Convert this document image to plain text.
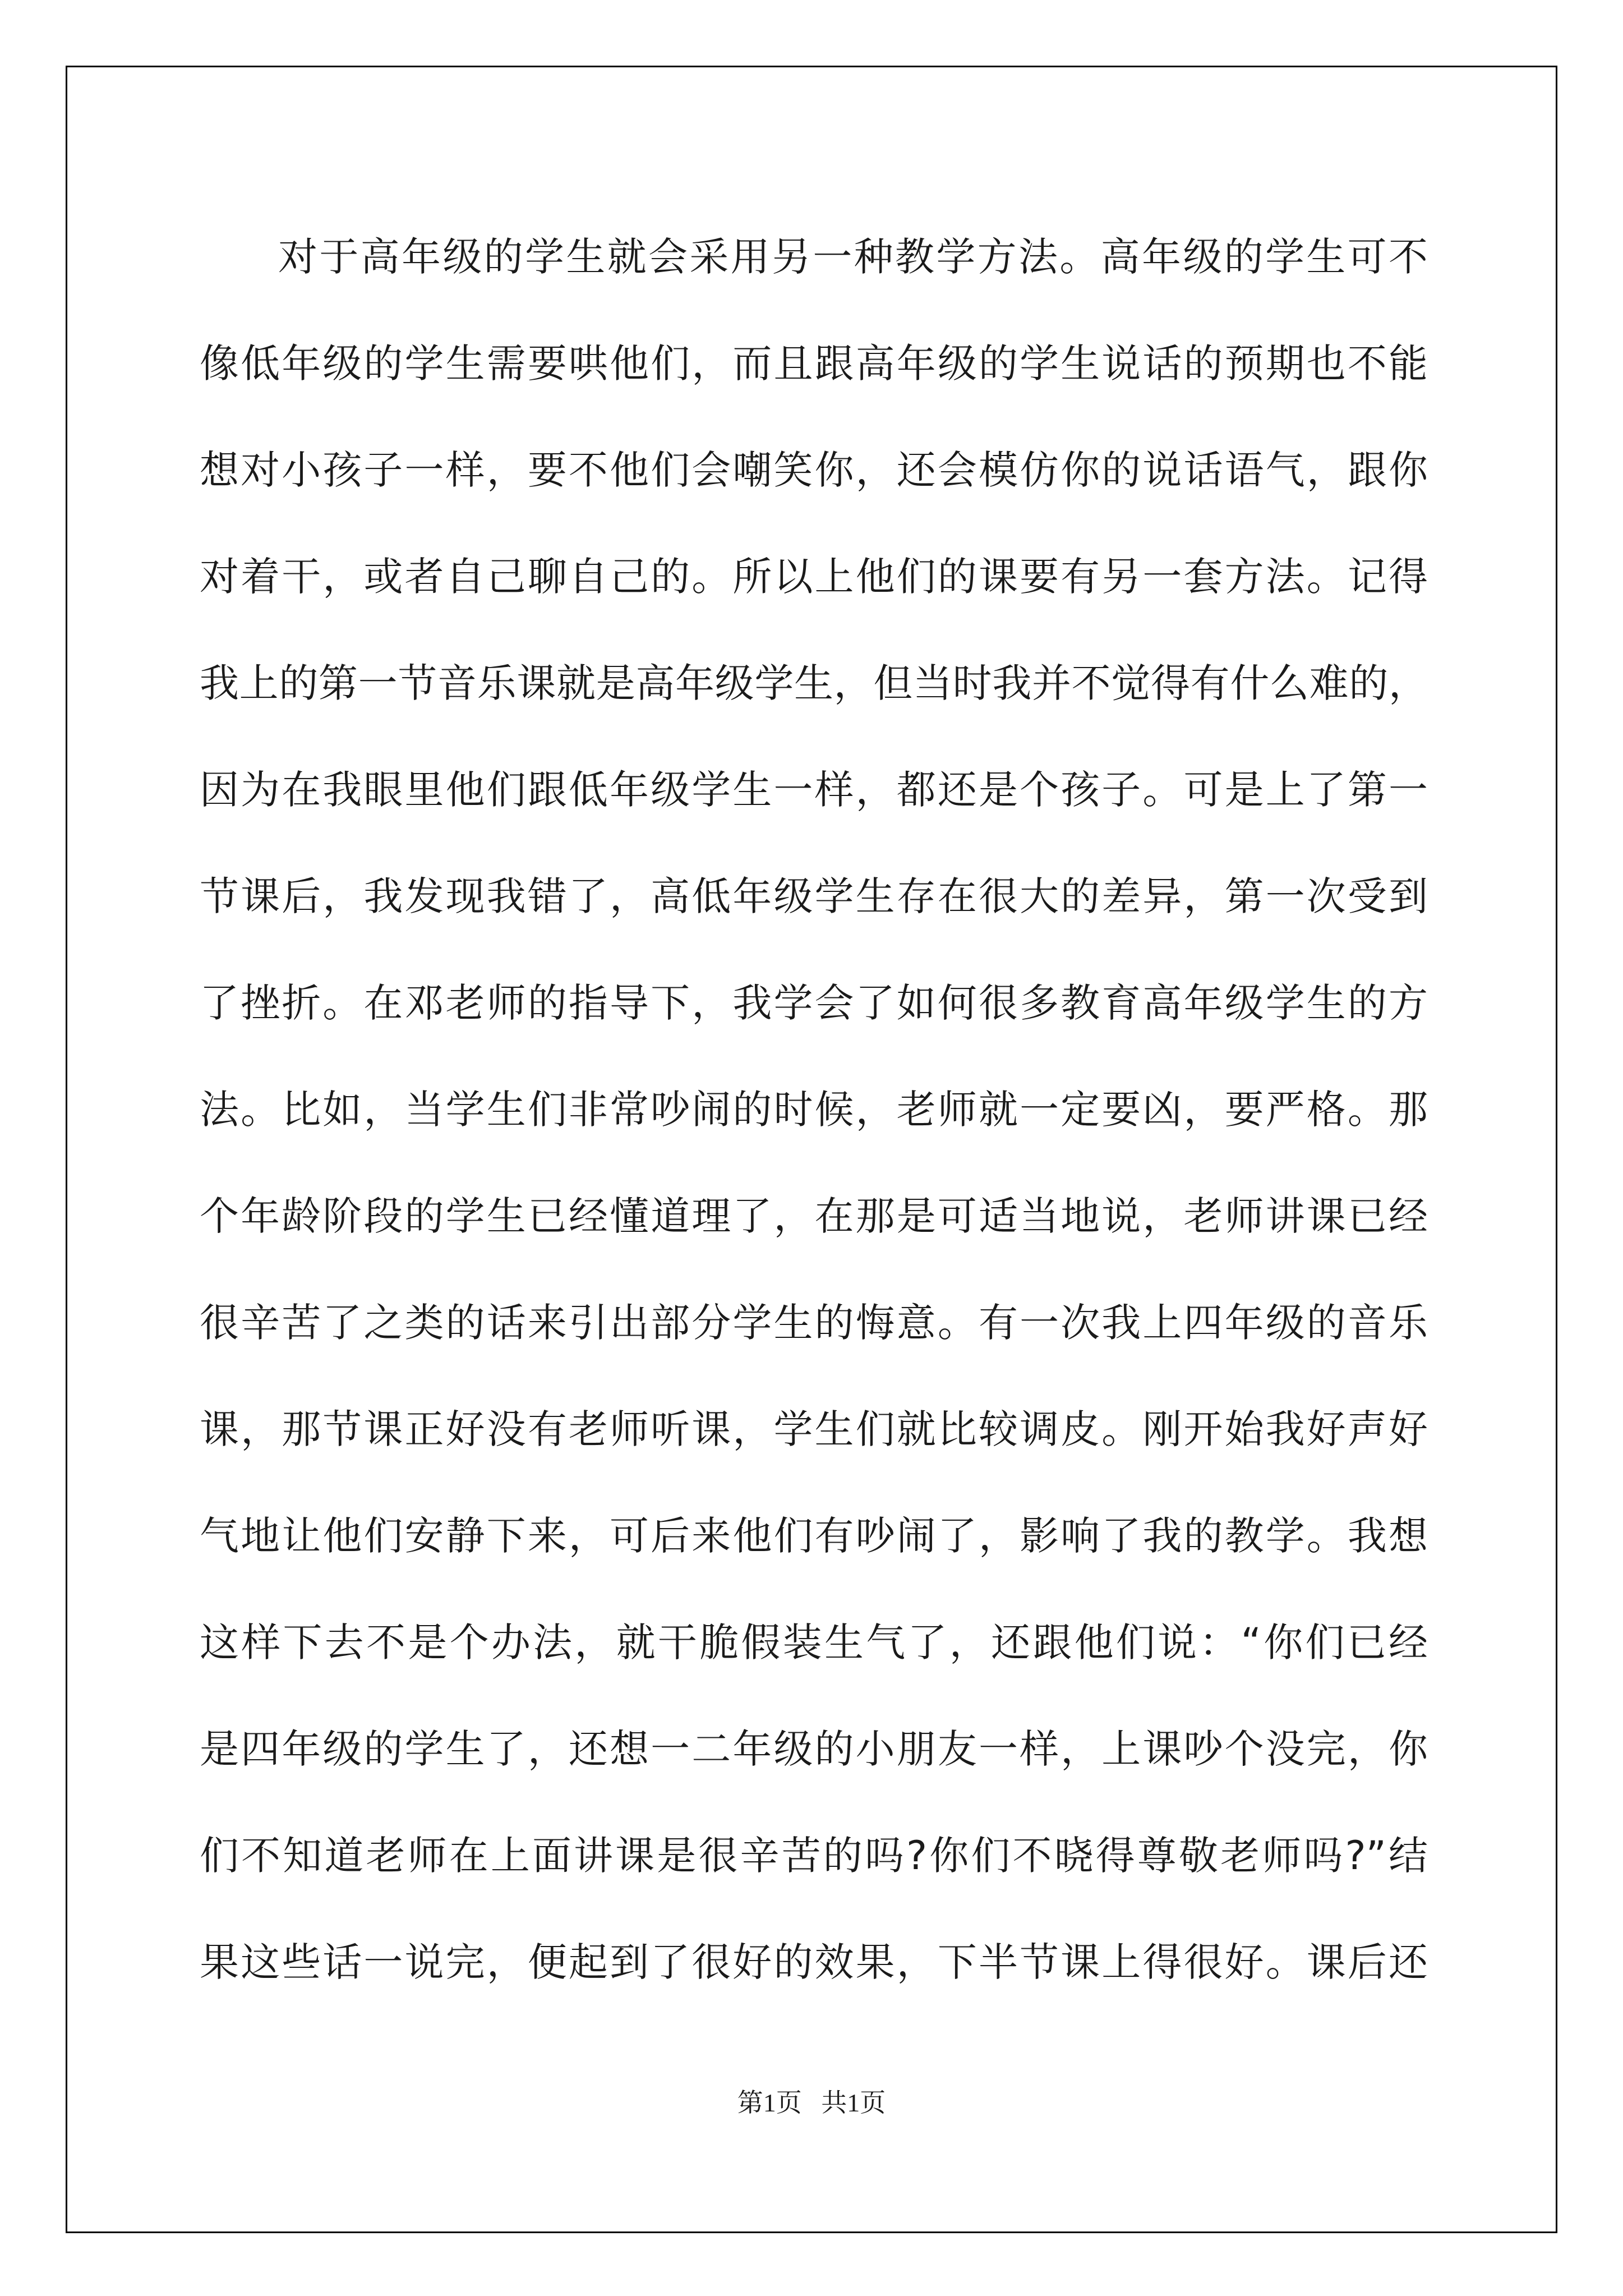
对于高年级的学生就会采用另一种教学方法。高年级的学生可不
像低年级的学生需要哄他们，而且跟高年级的学生说话的预期也不能
想对小孩子一样，要不他们会嘲笑你，还会模仿你的说话语气，跟你
对着干，或者自己聊自己的。所以上他们的课要有另一套方法。记得
我上的第一节音乐课就是高年级学生，但当时我并不觉得有什么难的，
因为在我眼里他们跟低年级学生一样，都还是个孩子。可是上了第一
节课后，我发现我错了，高低年级学生存在很大的差异，第一次受到
了挫折。在邓老师的指导下，我学会了如何很多教育高年级学生的方
法。比如，当学生们非常吵闹的时候，老师就一定要凶，要严格。那
个年龄阶段的学生已经懂道理了，在那是可适当地说，老师讲课已经
很辛苦了之类的话来引出部分学生的悔意。有一次我上四年级的音乐
课，那节课正好没有老师听课，学生们就比较调皮。刚开始我好声好
气地让他们安静下来，可后来他们有吵闹了，影响了我的教学。我想
这样下去不是个办法，就干脆假装生气了，还跟他们说：“你们已经
是四年级的学生了，还想一二年级的小朋友一样，上课吵个没完，你
们不知道老师在上面讲课是很辛苦的吗?你们不晓得尊敬老师吗?”结
果这些话一说完，便起到了很好的效果，下半节课上得很好。课后还
第1页   共1页
